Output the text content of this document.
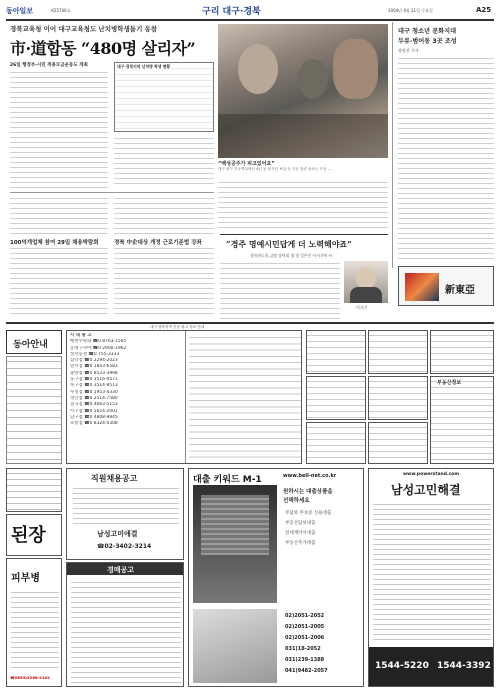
동아일보	제25740호	구리 대구·경북	2004년 4월 21일 수요일	A25
경북교육청 이어 대구교육청도 난치병학생돕기 동참
市·道합동 “480명 살리자”
“백성공주가 피고있어요”
대구 중구 초등학교에서 4년 동 봉사단 보살 속 국공 관련 돌보는 모습 ...
26일 행정부·시민 적용모금운동도 개최	대구·경북지역 난치병 학생 현황
대구 청소년 문화지대
두류·범어동 3곳 조성
장원진 기자
100억개업체 참여 29일 채용박람회	경북 中企대상 개정 근로기준법 강좌	“경주 명예시민답게 더 노력해야죠”
경북관드림-금탑 장년회 명 및 일본인 이서기에 씨
이서기
新東亞
대구·경북지역 신문 광고 정보 안내
동아안내
시 내 광 고
매천수락화 ☎0 8763-1565
동대구사마 ☎0 2900-1962
성서동성 ☎0 755-3333
삼덕점 ☎0 2294-2023
달서점 ☎0 1843-6583
중앙점 ☎0 8523-3998
동구점 ☎0 3516-0571
북구점 ☎0 3514-8513
수성점 ☎0 1953-4330
경산점 ☎0 2514-7580
칠곡점 ☎0 4663-5153
서구점 ☎0 5614-2001
남구점 ☎0 4808-9845
포항점 ☎0 8324-0308
부동산정보
된장
피부병
☎0653)2268-2142
직원채용공고
남성고미애결
☎02-3402-3214
경매공고
대출 키워드 M-1	www.bell-net.co.kr
원하시는 대출상품을
선택하세요
무담보 무보증 신용대출
부동산담보대출
전세계약서대출
부동산추가대출
02)2051-2052
02)2051-2005
02)2051-2006
031)18-2052
031)239-1388
041)9482-2057
www.powerstand.com
남성고민해결
1544-5220 1544-3392
